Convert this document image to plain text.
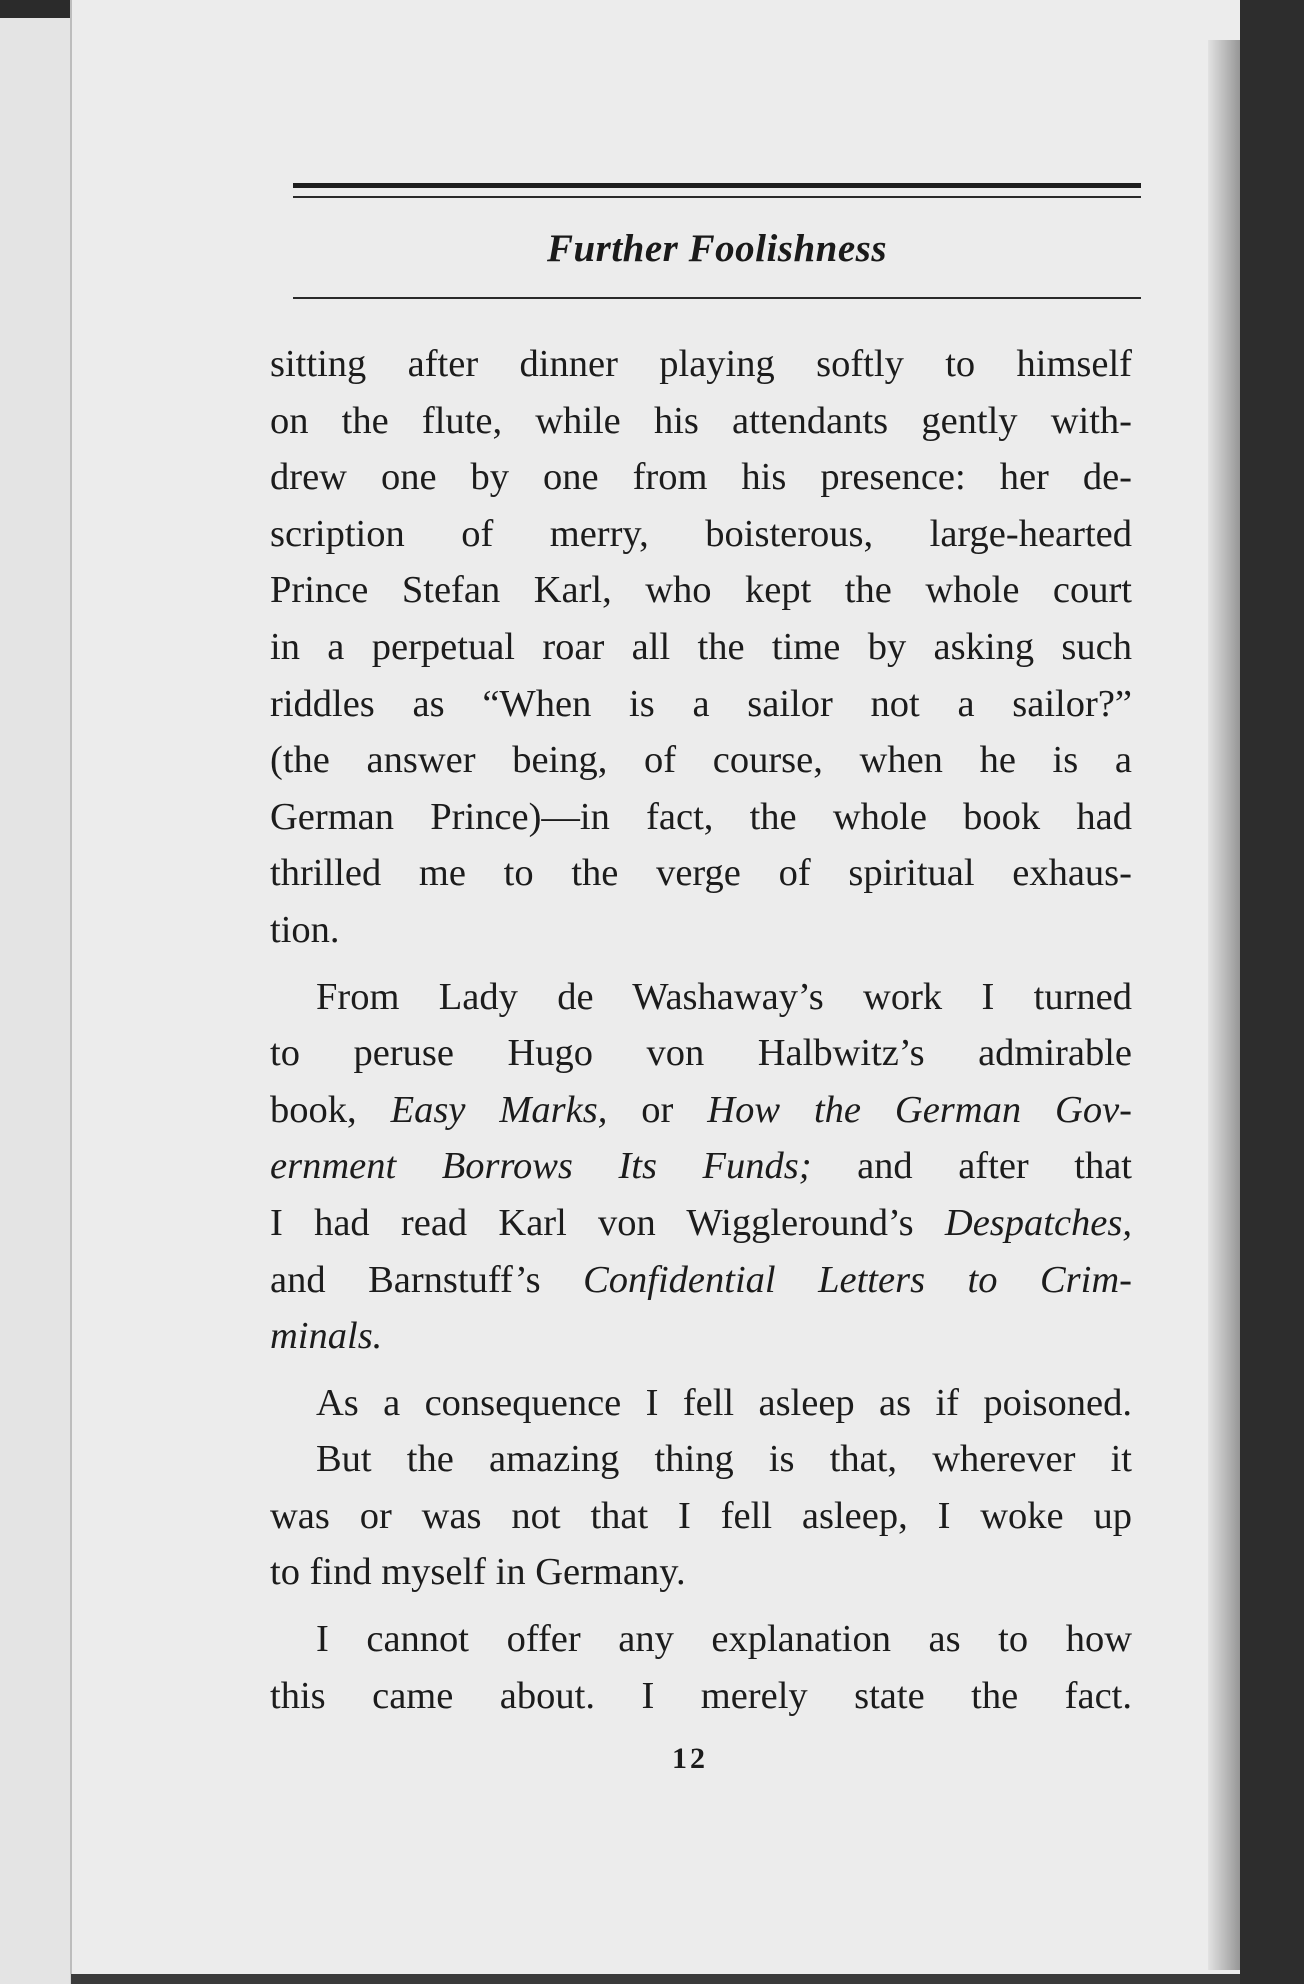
Further Foolishness
sitting after dinner playing softly to himself
on the flute, while his attendants gently with-
drew one by one from his presence: her de-
scription of merry, boisterous, large-hearted
Prince Stefan Karl, who kept the whole court
in a perpetual roar all the time by asking such
riddles as “When is a sailor not a sailor?”
(the answer being, of course, when he is a
German Prince)—in fact, the whole book had
thrilled me to the verge of spiritual exhaus-
tion.
From Lady de Washaway’s work I turned
to peruse Hugo von Halbwitz’s admirable
book, Easy Marks, or How the German Gov-
ernment Borrows Its Funds; and after that
I had read Karl von Wiggleround’s Despatches,
and Barnstuff’s Confidential Letters to Crim-
minals.
As a consequence I fell asleep as if poisoned.
But the amazing thing is that, wherever it
was or was not that I fell asleep, I woke up
to find myself in Germany.
I cannot offer any explanation as to how
this came about. I merely state the fact.
12
